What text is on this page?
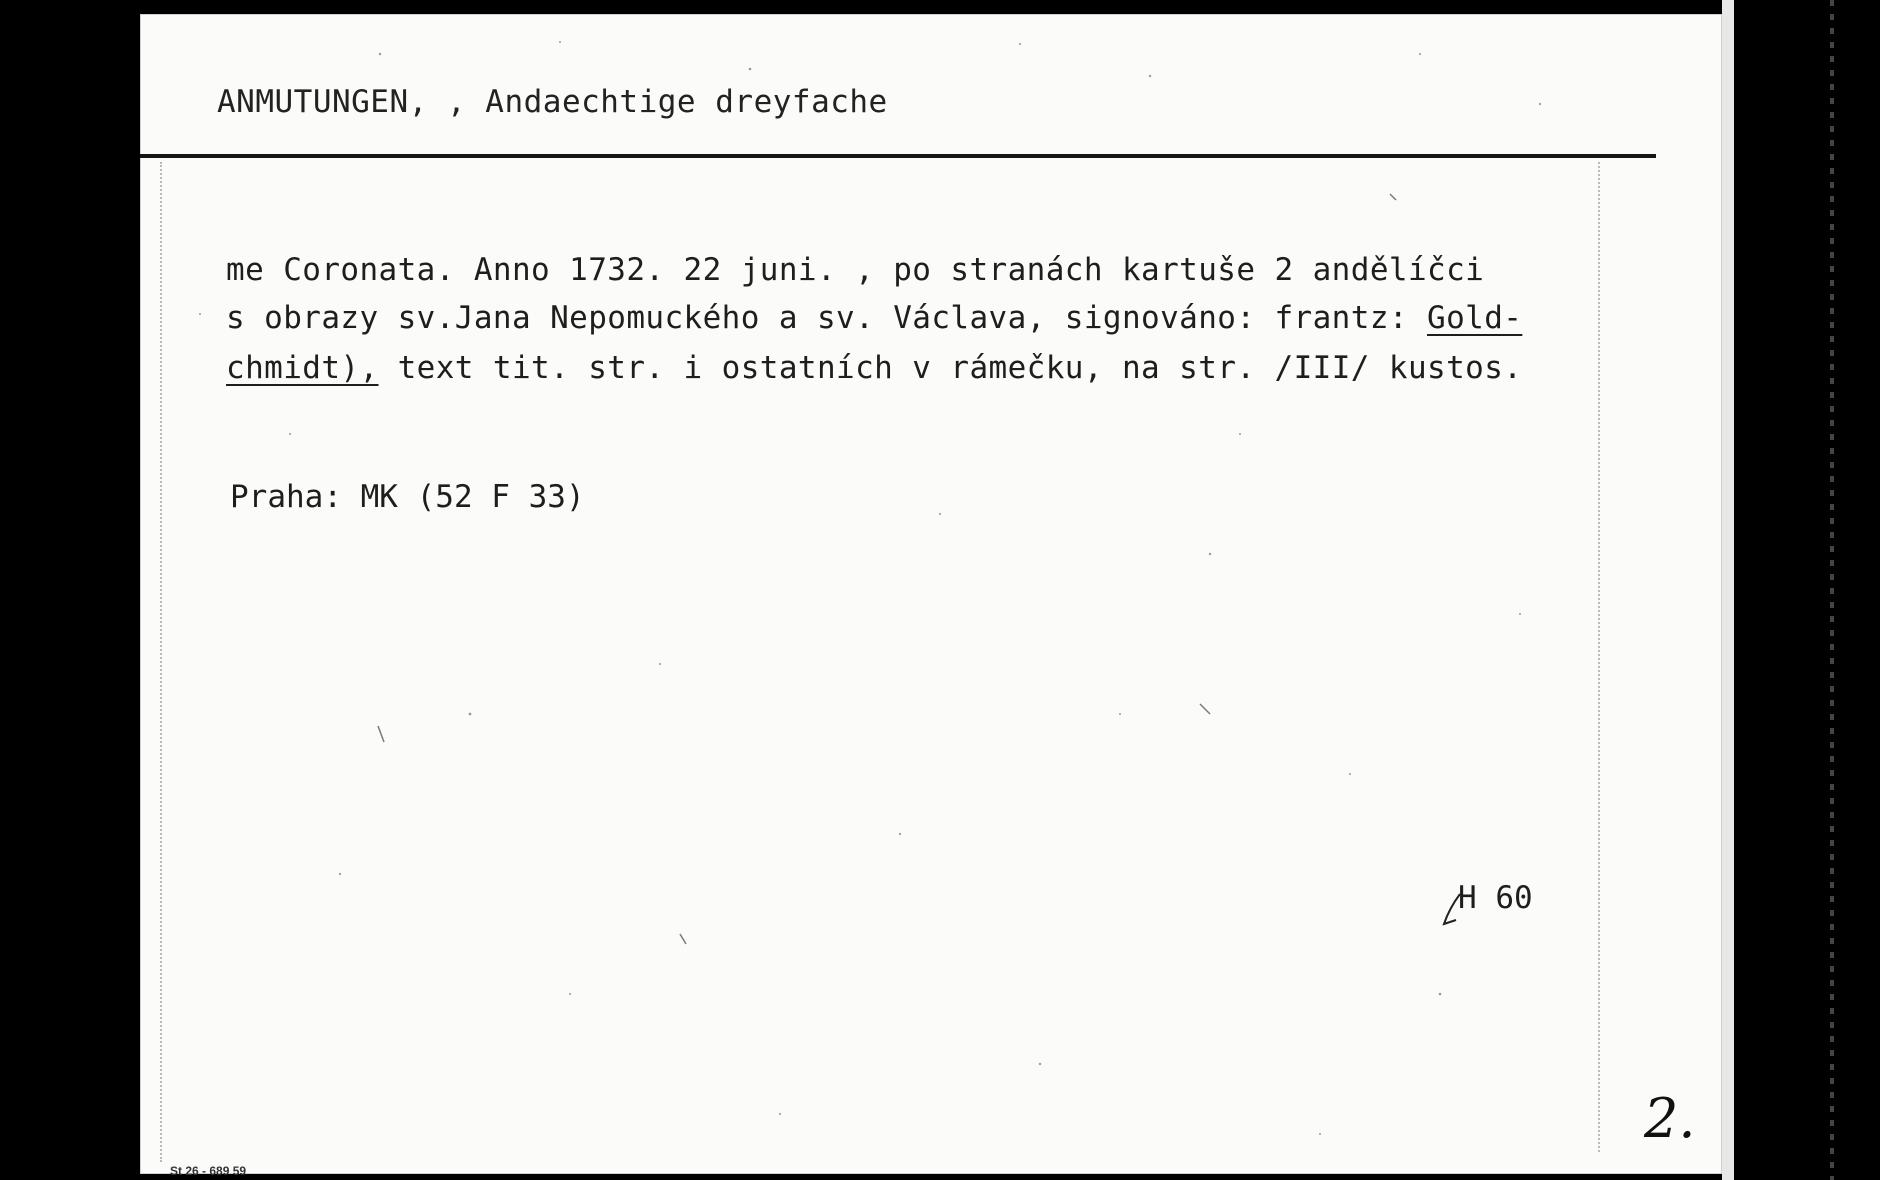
ANMUTUNGEN, , Andaechtige dreyfache
me Coronata. Anno 1732. 22 juni. , po stranách kartuše 2 andělíčci
s obrazy sv.Jana Nepomuckého a sv. Václava, signováno: frantz: Gold-
chmidt), text tit. str. i ostatních v rámečku, na str. /III/ kustos.
Praha: MK (52 F 33)
H 60
2.
St 26 - 689 59
